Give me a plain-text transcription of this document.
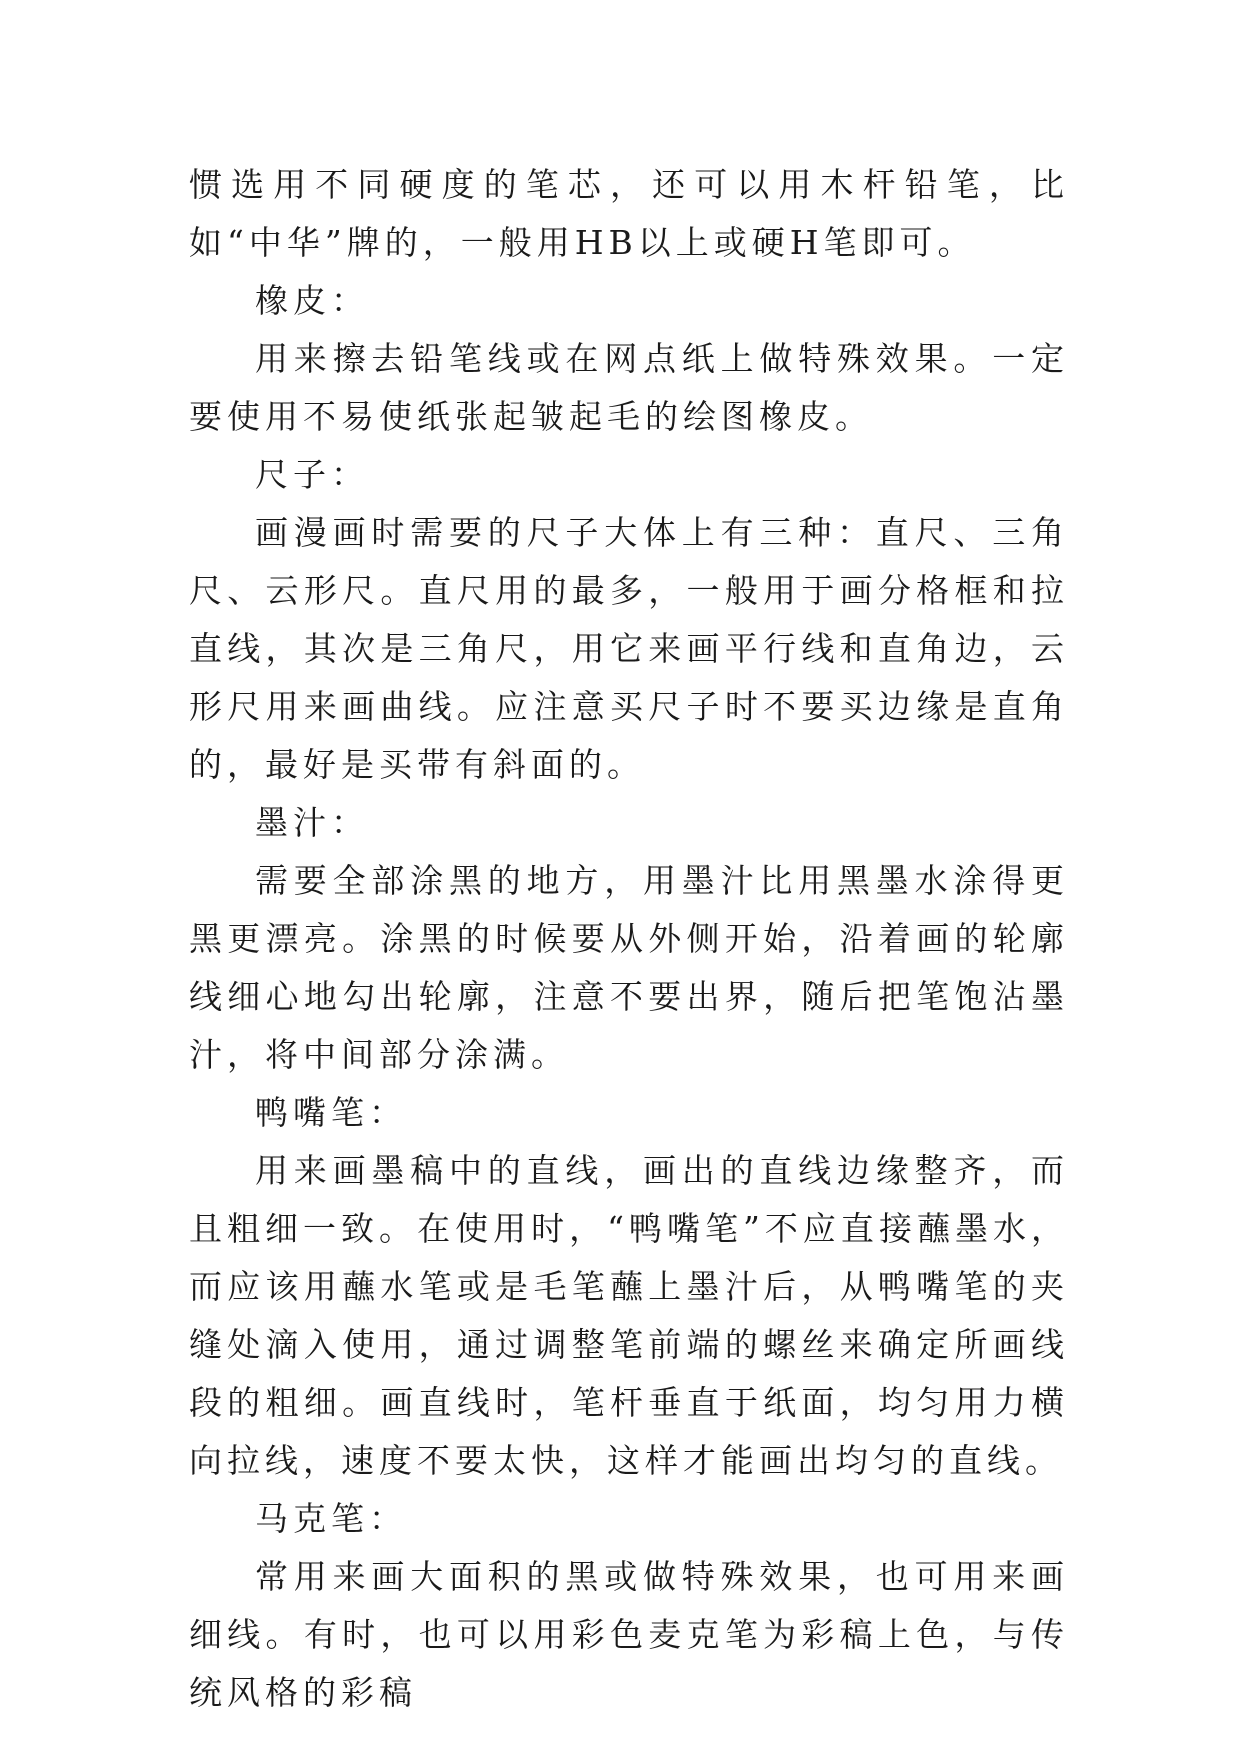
惯选用不同硬度的笔芯，还可以用木杆铅笔，比如“中华”牌的，一般用HB以上或硬H笔即可。

橡皮：

用来擦去铅笔线或在网点纸上做特殊效果。一定要使用不易使纸张起皱起毛的绘图橡皮。

尺子：

画漫画时需要的尺子大体上有三种：直尺、三角尺、云形尺。直尺用的最多，一般用于画分格框和拉直线，其次是三角尺，用它来画平行线和直角边，云形尺用来画曲线。应注意买尺子时不要买边缘是直角的，最好是买带有斜面的。

墨汁：

需要全部涂黑的地方，用墨汁比用黑墨水涂得更黑更漂亮。涂黑的时候要从外侧开始，沿着画的轮廓线细心地勾出轮廓，注意不要出界，随后把笔饱沾墨汁，将中间部分涂满。

鸭嘴笔：

用来画墨稿中的直线，画出的直线边缘整齐，而且粗细一致。在使用时，“鸭嘴笔”不应直接蘸墨水，而应该用蘸水笔或是毛笔蘸上墨汁后，从鸭嘴笔的夹缝处滴入使用，通过调整笔前端的螺丝来确定所画线段的粗细。画直线时，笔杆垂直于纸面，均匀用力横向拉线，速度不要太快，这样才能画出均匀的直线。

马克笔：

常用来画大面积的黑或做特殊效果，也可用来画细线。有时，也可以用彩色麦克笔为彩稿上色，与传统风格的彩稿
